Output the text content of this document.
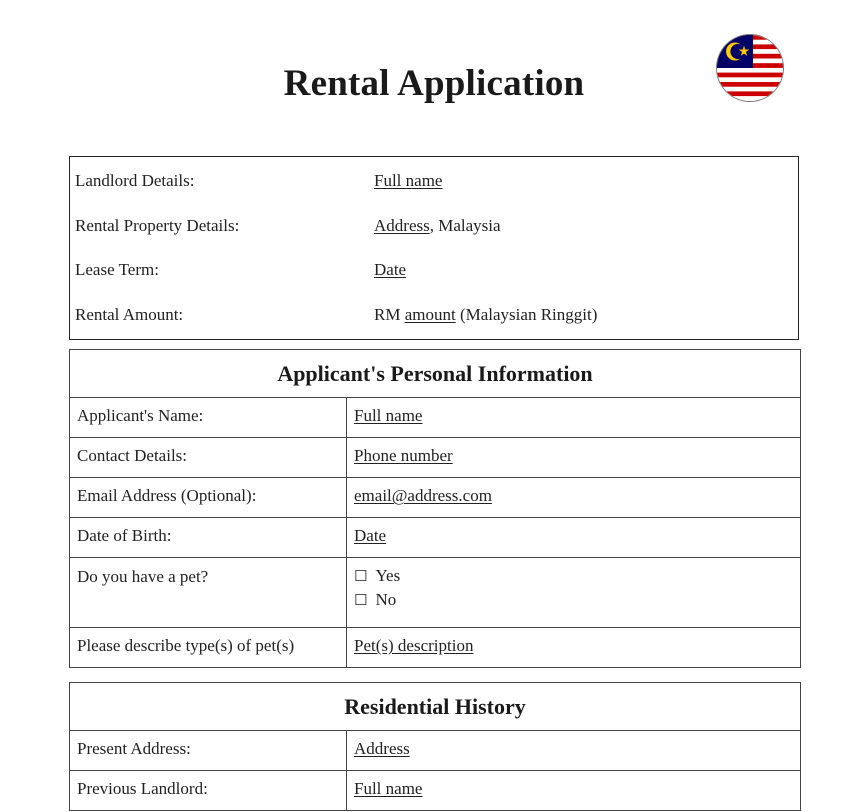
Rental Application
Landlord Details:	Full name
Rental Property Details:	Address, Malaysia
Lease Term:	Date
Rental Amount:	RM amount (Malaysian Ringgit)
Applicant's Personal Information	
Applicant's Name:	Full name
Contact Details:	Phone number
Email Address (Optional):	email@address.com
Date of Birth:	Date
Do you have a pet?	☐ Yes
☐ No

Please describe type(s) of pet(s)	Pet(s) description
Residential History	
Present Address:	Address
Previous Landlord:	Full name
